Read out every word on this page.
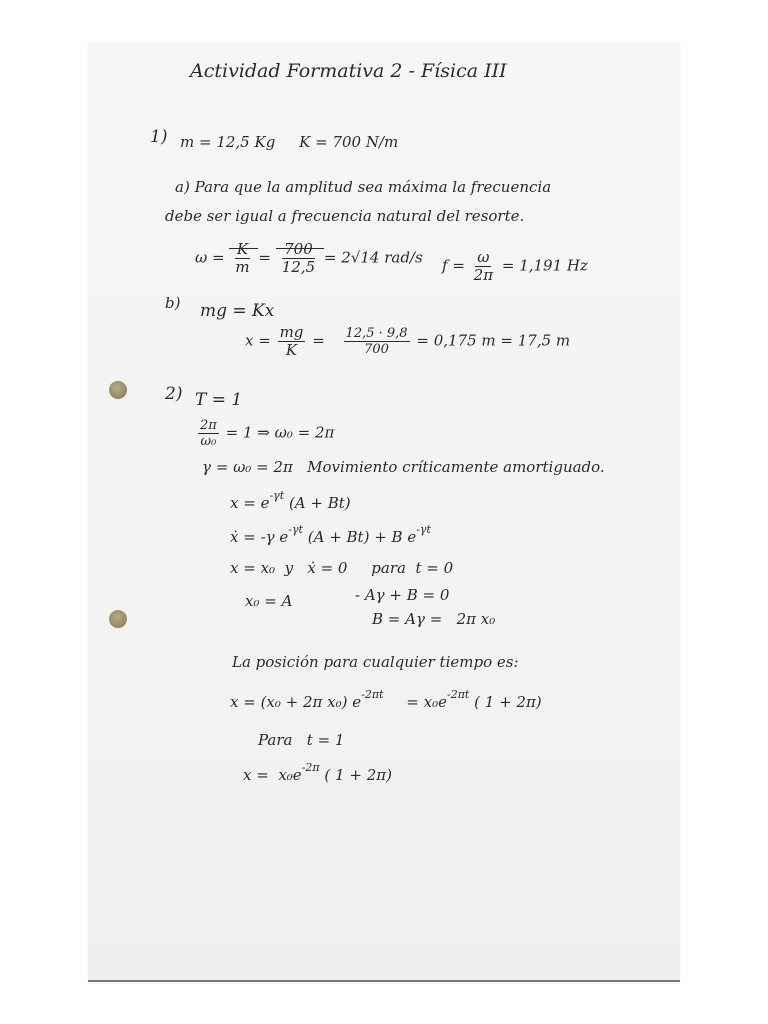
Actividad Formativa 2 - Física III
1) m = 12,5 Kg     K = 700 N/m
a) Para que la amplitud sea máxima la frecuencia
debe ser igual a frecuencia natural del resorte.
$\omega = \frac{K}{m} = \frac{700}{12,5} = 2√14$ rad/s $f = \frac{\omega}{2\pi} = 1,191$ Hz
b) mg = Kx
$x = \frac{mg}{K} = \frac{12,5 \cdot 9,8}{700} = 0,175$ m = 17,5 m
2) T = 1
$\frac{2\pi}{\text{ω₀}} = 1$ ⇒ ω₀ = 2π
γ = ω₀ = 2π   Movimiento críticamente amortiguado.
$x = e^{-\gamma t}$ (A + Bt)
ẋ = -γ $e^{-\gamma t}$ (A + Bt) + B $e^{-\gamma t}$
x = x₀  y   ẋ = 0     para  t = 0
x₀ = A	- Aγ + B = 0
B = Aγ =   2π x₀
La posición para cualquier tiempo es:
x = (x₀ + 2π x₀) $e^{-2\pi t} = x_0e^{-2\pi t}$ ( 1 + 2π)
Para   t = 1
$x = x_0e^{-2\pi}$ ( 1 + 2π)
